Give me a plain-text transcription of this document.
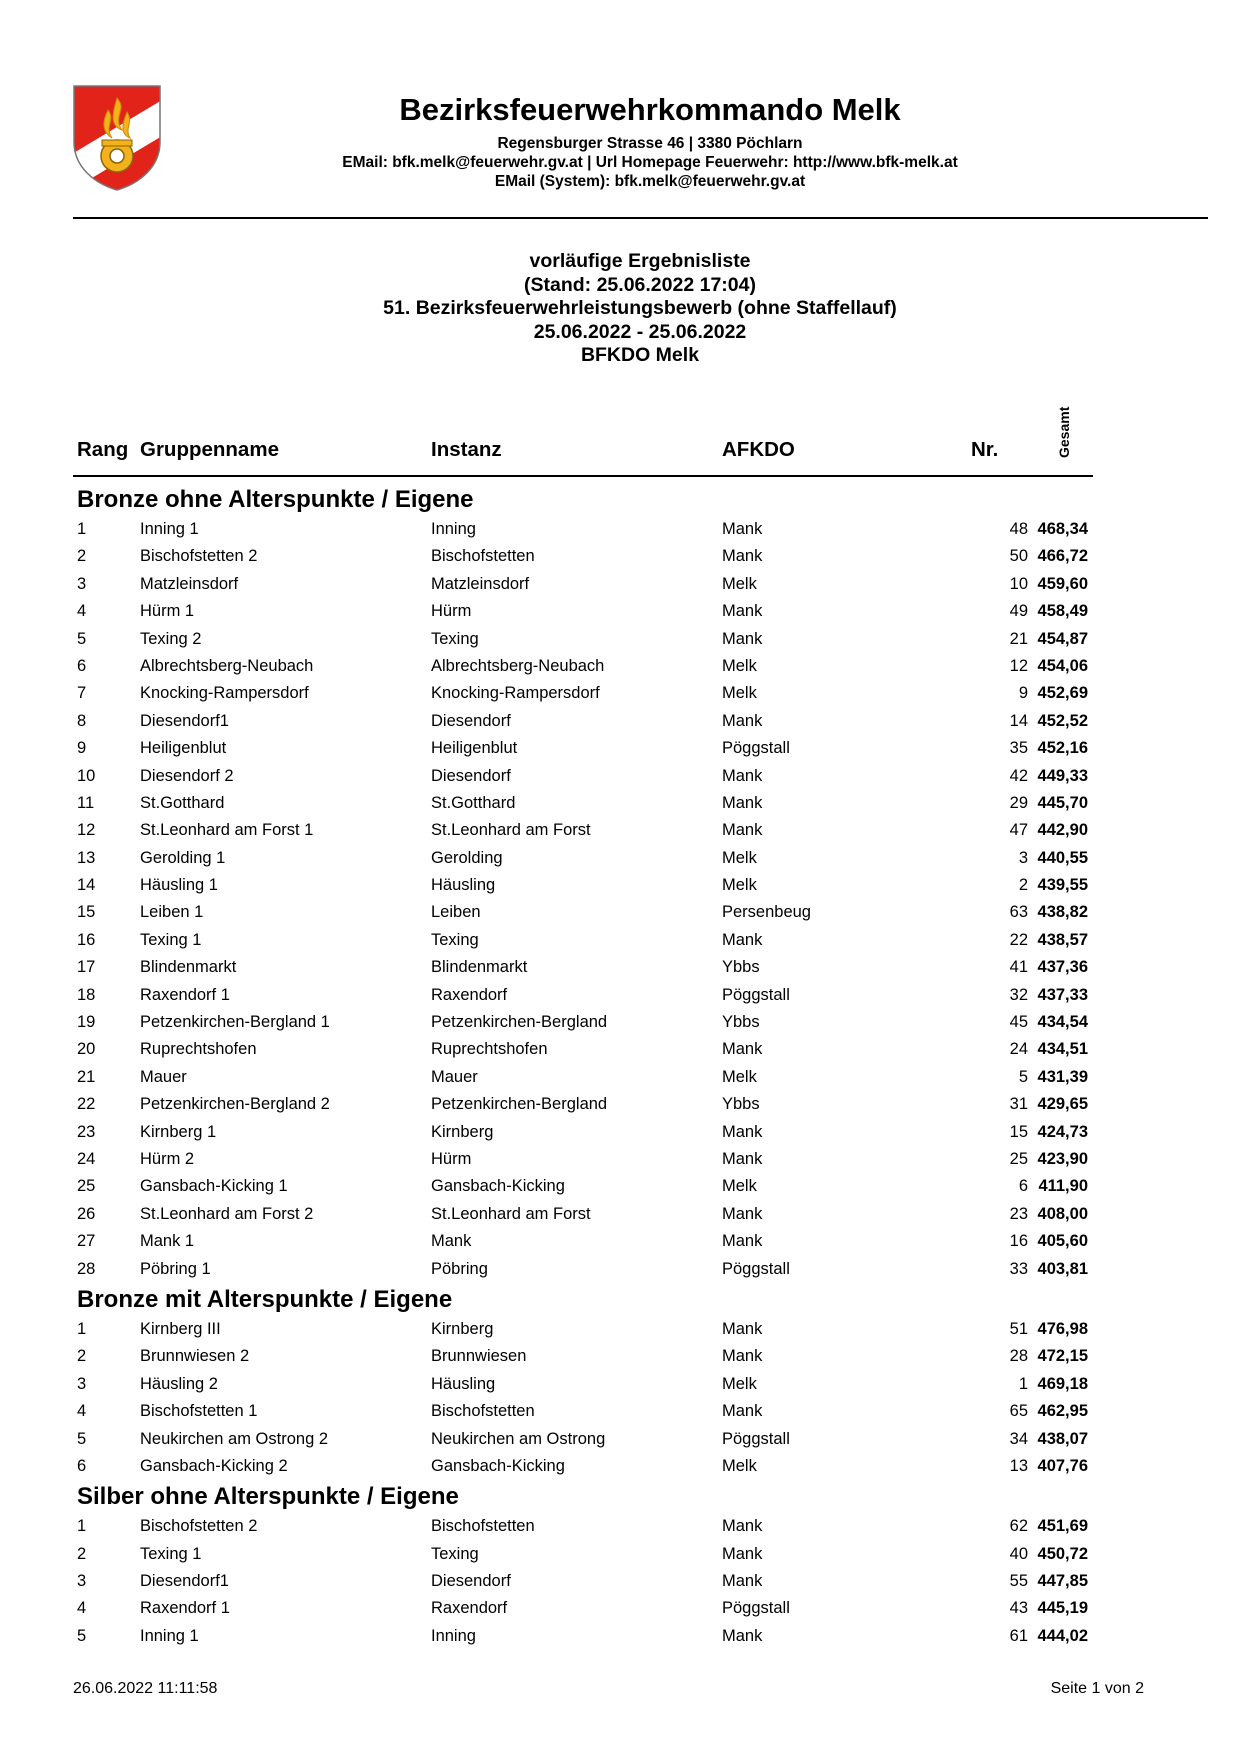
Bezirksfeuerwehrkommando Melk
Regensburger Strasse 46 | 3380 Pöchlarn
EMail: bfk.melk@feuerwehr.gv.at | Url Homepage Feuerwehr: http://www.bfk-melk.at
EMail (System): bfk.melk@feuerwehr.gv.at
vorläufige Ergebnisliste
(Stand: 25.06.2022 17:04)
51. Bezirksfeuerwehrleistungsbewerb (ohne Staffellauf)
25.06.2022 - 25.06.2022
BFKDO Melk
Rang Gruppenname	Instanz	AFKDO	Nr.	Gesamt
Bronze ohne Alterspunkte / Eigene
1	Inning 1	Inning	Mank	48 468,34
2	Bischofstetten 2	Bischofstetten	Mank	50 466,72
3	Matzleinsdorf	Matzleinsdorf	Melk	10 459,60
4	Hürm 1	Hürm	Mank	49 458,49
5	Texing 2	Texing	Mank	21 454,87
6	Albrechtsberg-Neubach	Albrechtsberg-Neubach	Melk	12 454,06
7	Knocking-Rampersdorf	Knocking-Rampersdorf	Melk	9 452,69
8	Diesendorf1	Diesendorf	Mank	14 452,52
9	Heiligenblut	Heiligenblut	Pöggstall	35 452,16
10	Diesendorf 2	Diesendorf	Mank	42 449,33
11	St.Gotthard	St.Gotthard	Mank	29 445,70
12	St.Leonhard am Forst 1	St.Leonhard am Forst	Mank	47 442,90
13	Gerolding 1	Gerolding	Melk	3 440,55
14	Häusling 1	Häusling	Melk	2 439,55
15	Leiben 1	Leiben	Persenbeug	63 438,82
16	Texing 1	Texing	Mank	22 438,57
17	Blindenmarkt	Blindenmarkt	Ybbs	41 437,36
18	Raxendorf 1	Raxendorf	Pöggstall	32 437,33
19	Petzenkirchen-Bergland 1	Petzenkirchen-Bergland	Ybbs	45 434,54
20	Ruprechtshofen	Ruprechtshofen	Mank	24 434,51
21	Mauer	Mauer	Melk	5 431,39
22	Petzenkirchen-Bergland 2	Petzenkirchen-Bergland	Ybbs	31 429,65
23	Kirnberg 1	Kirnberg	Mank	15 424,73
24	Hürm 2	Hürm	Mank	25 423,90
25	Gansbach-Kicking 1	Gansbach-Kicking	Melk	6 411,90
26	St.Leonhard am Forst 2	St.Leonhard am Forst	Mank	23 408,00
27	Mank 1	Mank	Mank	16 405,60
28	Pöbring 1	Pöbring	Pöggstall	33 403,81
Bronze mit Alterspunkte / Eigene
1	Kirnberg III	Kirnberg	Mank	51 476,98
2	Brunnwiesen 2	Brunnwiesen	Mank	28 472,15
3	Häusling 2	Häusling	Melk	1 469,18
4	Bischofstetten 1	Bischofstetten	Mank	65 462,95
5	Neukirchen am Ostrong 2	Neukirchen am Ostrong	Pöggstall	34 438,07
6	Gansbach-Kicking 2	Gansbach-Kicking	Melk	13 407,76
Silber ohne Alterspunkte / Eigene
1	Bischofstetten 2	Bischofstetten	Mank	62 451,69
2	Texing 1	Texing	Mank	40 450,72
3	Diesendorf1	Diesendorf	Mank	55 447,85
4	Raxendorf 1	Raxendorf	Pöggstall	43 445,19
5	Inning 1	Inning	Mank	61 444,02
26.06.2022 11:11:58	Seite 1 von 2
